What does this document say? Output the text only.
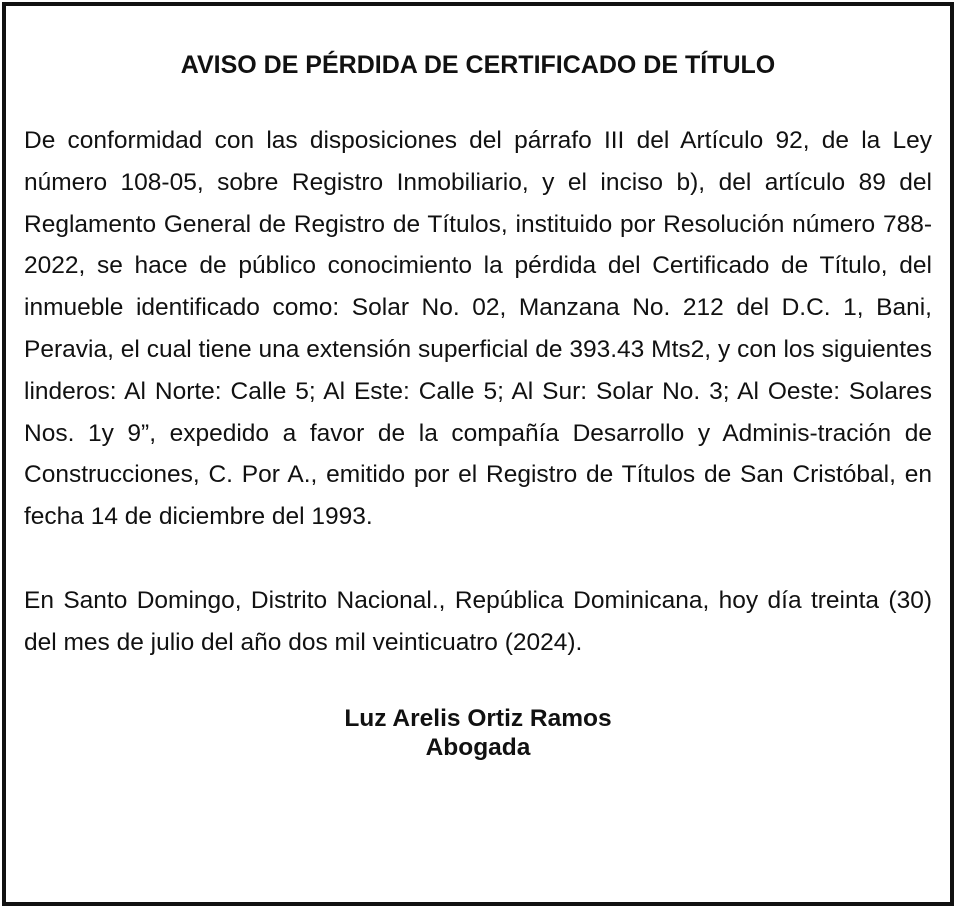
AVISO DE PÉRDIDA DE CERTIFICADO DE TÍTULO

De conformidad con las disposiciones del párrafo III del Artículo 92, de la Ley número 108-05, sobre Registro Inmobiliario, y el inciso b), del artículo 89 del Reglamento General de Registro de Títulos, instituido por Resolución número 788-2022, se hace de público conocimiento la pérdida del Certificado de Título, del inmueble identificado como: Solar No. 02, Manzana No. 212 del D.C. 1, Bani, Peravia, el cual tiene una extensión superficial de 393.43 Mts2, y con los siguientes linderos: Al Norte: Calle 5; Al Este: Calle 5; Al Sur: Solar No. 3; Al Oeste: Solares Nos. 1y 9”, expedido a favor de la compañía Desarrollo y Adminis-tración de Construcciones, C. Por A., emitido por el Registro de Títulos de San Cristóbal, en fecha 14 de diciembre del 1993.

En Santo Domingo, Distrito Nacional., República Dominicana, hoy día treinta (30) del mes de julio del año dos mil veinticuatro (2024).

Luz Arelis Ortiz Ramos
Abogada
